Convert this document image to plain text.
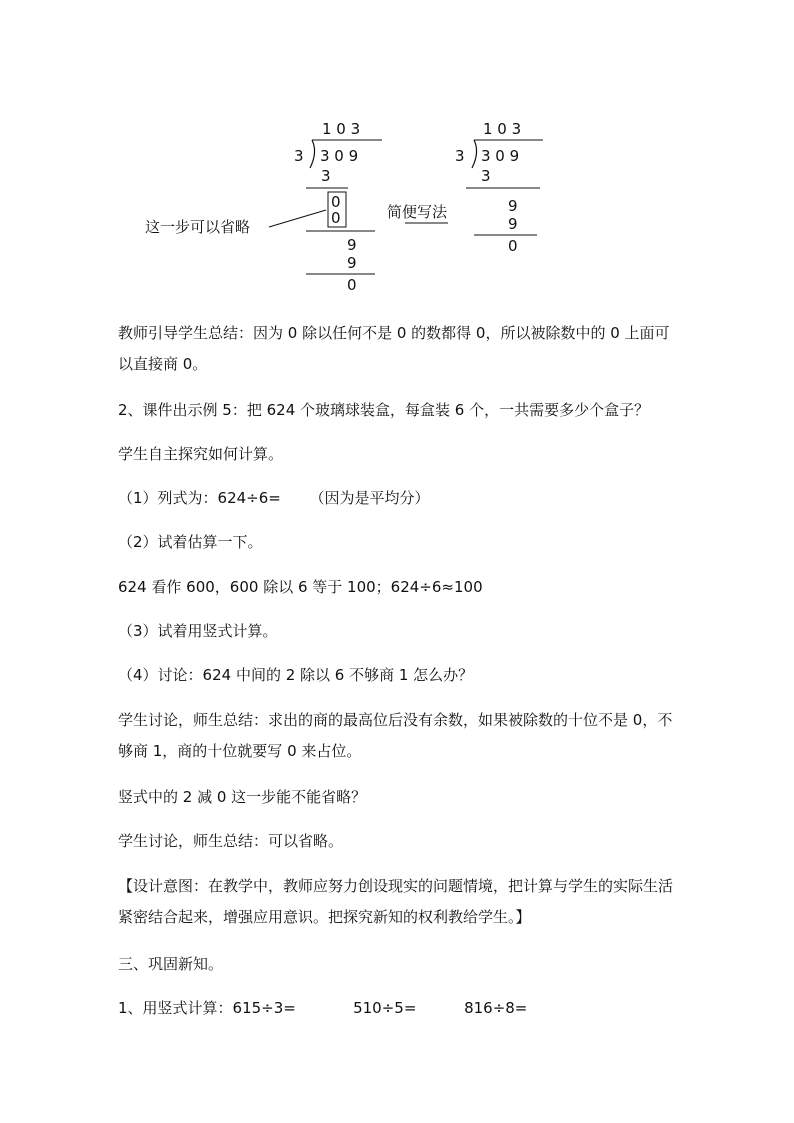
1 0 3
3 3 0 9
3
0
0
9
9
0
这一步可以省略
简便写法
1 0 3
3 3 0 9
3
9
9
0
教师引导学生总结：因为 0 除以任何不是 0 的数都得 0，所以被除数中的 0 上面可以直接商 0。
2、课件出示例 5：把 624 个玻璃球装盒，每盒装 6 个，一共需要多少个盒子？
学生自主探究如何计算。
（1）列式为：624÷6=      （因为是平均分）
（2）试着估算一下。
624 看作 600，600 除以 6 等于 100；624÷6≈100
（3）试着用竖式计算。
（4）讨论：624 中间的 2 除以 6 不够商 1 怎么办？
学生讨论，师生总结：求出的商的最高位后没有余数，如果被除数的十位不是 0，不够商 1，商的十位就要写 0 来占位。
竖式中的 2 减 0 这一步能不能省略？
学生讨论，师生总结：可以省略。
【设计意图：在教学中，教师应努力创设现实的问题情境，把计算与学生的实际生活紧密结合起来，增强应用意识。把探究新知的权利教给学生。】
三、巩固新知。
1、用竖式计算：615÷3=            510÷5=          816÷8=
